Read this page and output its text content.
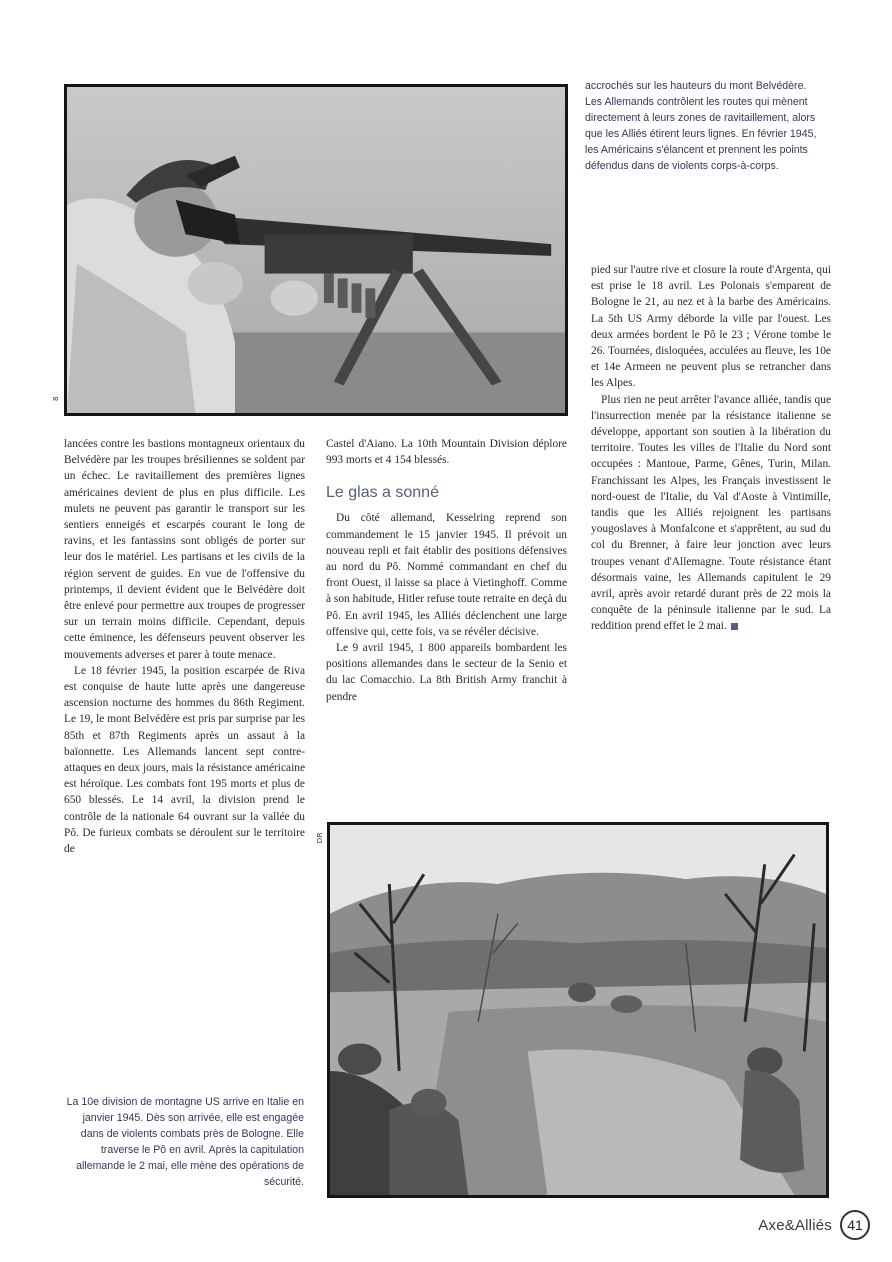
8
accrochés sur les hauteurs du mont Belvédère. Les Allemands contrôlent les routes qui mènent directement à leurs zones de ravitaillement, alors que les Alliés étirent leurs lignes. En février 1945, les Américains s'élancent et prennent les points défendus dans de violents corps-à-corps.

pied sur l'autre rive et closure la route d'Argenta, qui est prise le 18 avril. Les Polonais s'emparent de Bologne le 21, au nez et à la barbe des Américains. La 5th US Army déborde la ville par l'ouest. Les deux armées bordent le Pô le 23 ; Vérone tombe le 26. Tournées, disloquées, acculées au fleuve, les 10e et 14e Armeen ne peuvent plus se retrancher dans les Alpes.

Plus rien ne peut arrêter l'avance alliée, tandis que l'insurrection menée par la résistance italienne se développe, apportant son soutien à la libération du territoire. Toutes les villes de l'Italie du Nord sont occupées : Mantoue, Parme, Gênes, Turin, Milan. Franchissant les Alpes, les Français investissent le nord-ouest de l'Italie, du Val d'Aoste à Vintimille, tandis que les Alliés rejoignent les partisans yougoslaves à Monfalcone et s'apprêtent, au sud du col du Brenner, à faire leur jonction avec leurs troupes venant d'Allemagne. Toute résistance étant désormais vaine, les Allemands capitulent le 29 avril, après avoir retardé durant près de 22 mois la conquête de la péninsule italienne par le sud. La reddition prend effet le 2 mai.

lancées contre les bastions montagneux orientaux du Belvédère par les troupes brésiliennes se soldent par un échec. Le ravitaillement des premières lignes américaines devient de plus en plus difficile. Les mulets ne peuvent pas garantir le transport sur les sentiers enneigés et escarpés courant le long de ravins, et les fantassins sont obligés de porter sur leur dos le matériel. Les partisans et les civils de la région servent de guides. En vue de l'offensive du printemps, il devient évident que le Belvédère doit être enlevé pour permettre aux troupes de progresser sur un terrain moins difficile. Cependant, depuis cette éminence, les défenseurs peuvent observer les mouvements adverses et parer à toute menace.

Le 18 février 1945, la position escarpée de Riva est conquise de haute lutte après une dangereuse ascension nocturne des hommes du 86th Regiment. Le 19, le mont Belvédère est pris par surprise par les 85th et 87th Regiments après un assaut à la baïonnette. Les Allemands lancent sept contre-attaques en deux jours, mais la résistance américaine est héroïque. Les combats font 195 morts et plus de 650 blessés. Le 14 avril, la division prend le contrôle de la nationale 64 ouvrant sur la vallée du Pô. De furieux combats se déroulent sur le territoire de

Castel d'Aiano. La 10th Mountain Division déplore 993 morts et 4 154 blessés.

Le glas a sonné

Du côté allemand, Kesselring reprend son commandement le 15 janvier 1945. Il prévoit un nouveau repli et fait établir des positions défensives au nord du Pô. Nommé commandant en chef du front Ouest, il laisse sa place à Vietinghoff. Comme à son habitude, Hitler refuse toute retraite en deçà du Pô. En avril 1945, les Alliés déclenchent une large offensive qui, cette fois, va se révéler décisive.

Le 9 avril 1945, 1 800 appareils bombardent les positions allemandes dans le secteur de la Senio et du lac Comacchio. La 8th British Army franchit à pendre

DR
La 10e division de montagne US arrive en Italie en janvier 1945. Dès son arrivée, elle est engagée dans de violents combats près de Bologne. Elle traverse le Pô en avril. Après la capitulation allemande le 2 mai, elle mène des opérations de sécurité.
Axe&Alliés	41
